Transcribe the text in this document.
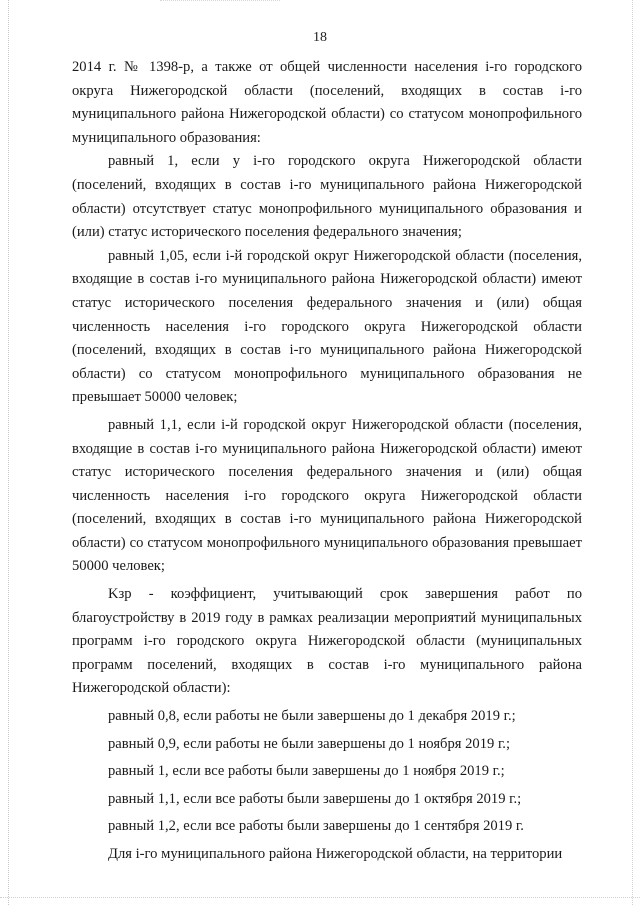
18

2014 г. № 1398-р, а также от общей численности населения i-го городского округа Нижегородской области (поселений, входящих в состав i-го муниципального района Нижегородской области) со статусом монопрофильного муниципального образования:

равный 1, если у i-го городского округа Нижегородской области (поселений, входящих в состав i-го муниципального района Нижегородской области) отсутствует статус монопрофильного муниципального образования и (или) статус исторического поселения федерального значения;

равный 1,05, если i-й городской округ Нижегородской области (поселения, входящие в состав i-го муниципального района Нижегородской области) имеют статус исторического поселения федерального значения и (или) общая численность населения i-го городского округа Нижегородской области (поселений, входящих в состав i-го муниципального района Нижегородской области) со статусом монопрофильного муниципального образования не превышает 50000 человек;

равный 1,1, если i-й городской округ Нижегородской области (поселения, входящие в состав i-го муниципального района Нижегородской области) имеют статус исторического поселения федерального значения и (или) общая численность населения i-го городского округа Нижегородской области (поселений, входящих в состав i-го муниципального района Нижегородской области) со статусом монопрофильного муниципального образования превышает 50000 человек;

Kзр - коэффициент, учитывающий срок завершения работ по благоустройству в 2019 году в рамках реализации мероприятий муниципальных программ i-го городского округа Нижегородской области (муниципальных программ поселений, входящих в состав i-го муниципального района Нижегородской области):

равный 0,8, если работы не были завершены до 1 декабря 2019 г.;

равный 0,9, если работы не были завершены до 1 ноября 2019 г.;

равный 1, если все работы были завершены до 1 ноября 2019 г.;

равный 1,1, если все работы были завершены до 1 октября 2019 г.;

равный 1,2, если все работы были завершены до 1 сентября 2019 г.

Для i-го муниципального района Нижегородской области, на территории
